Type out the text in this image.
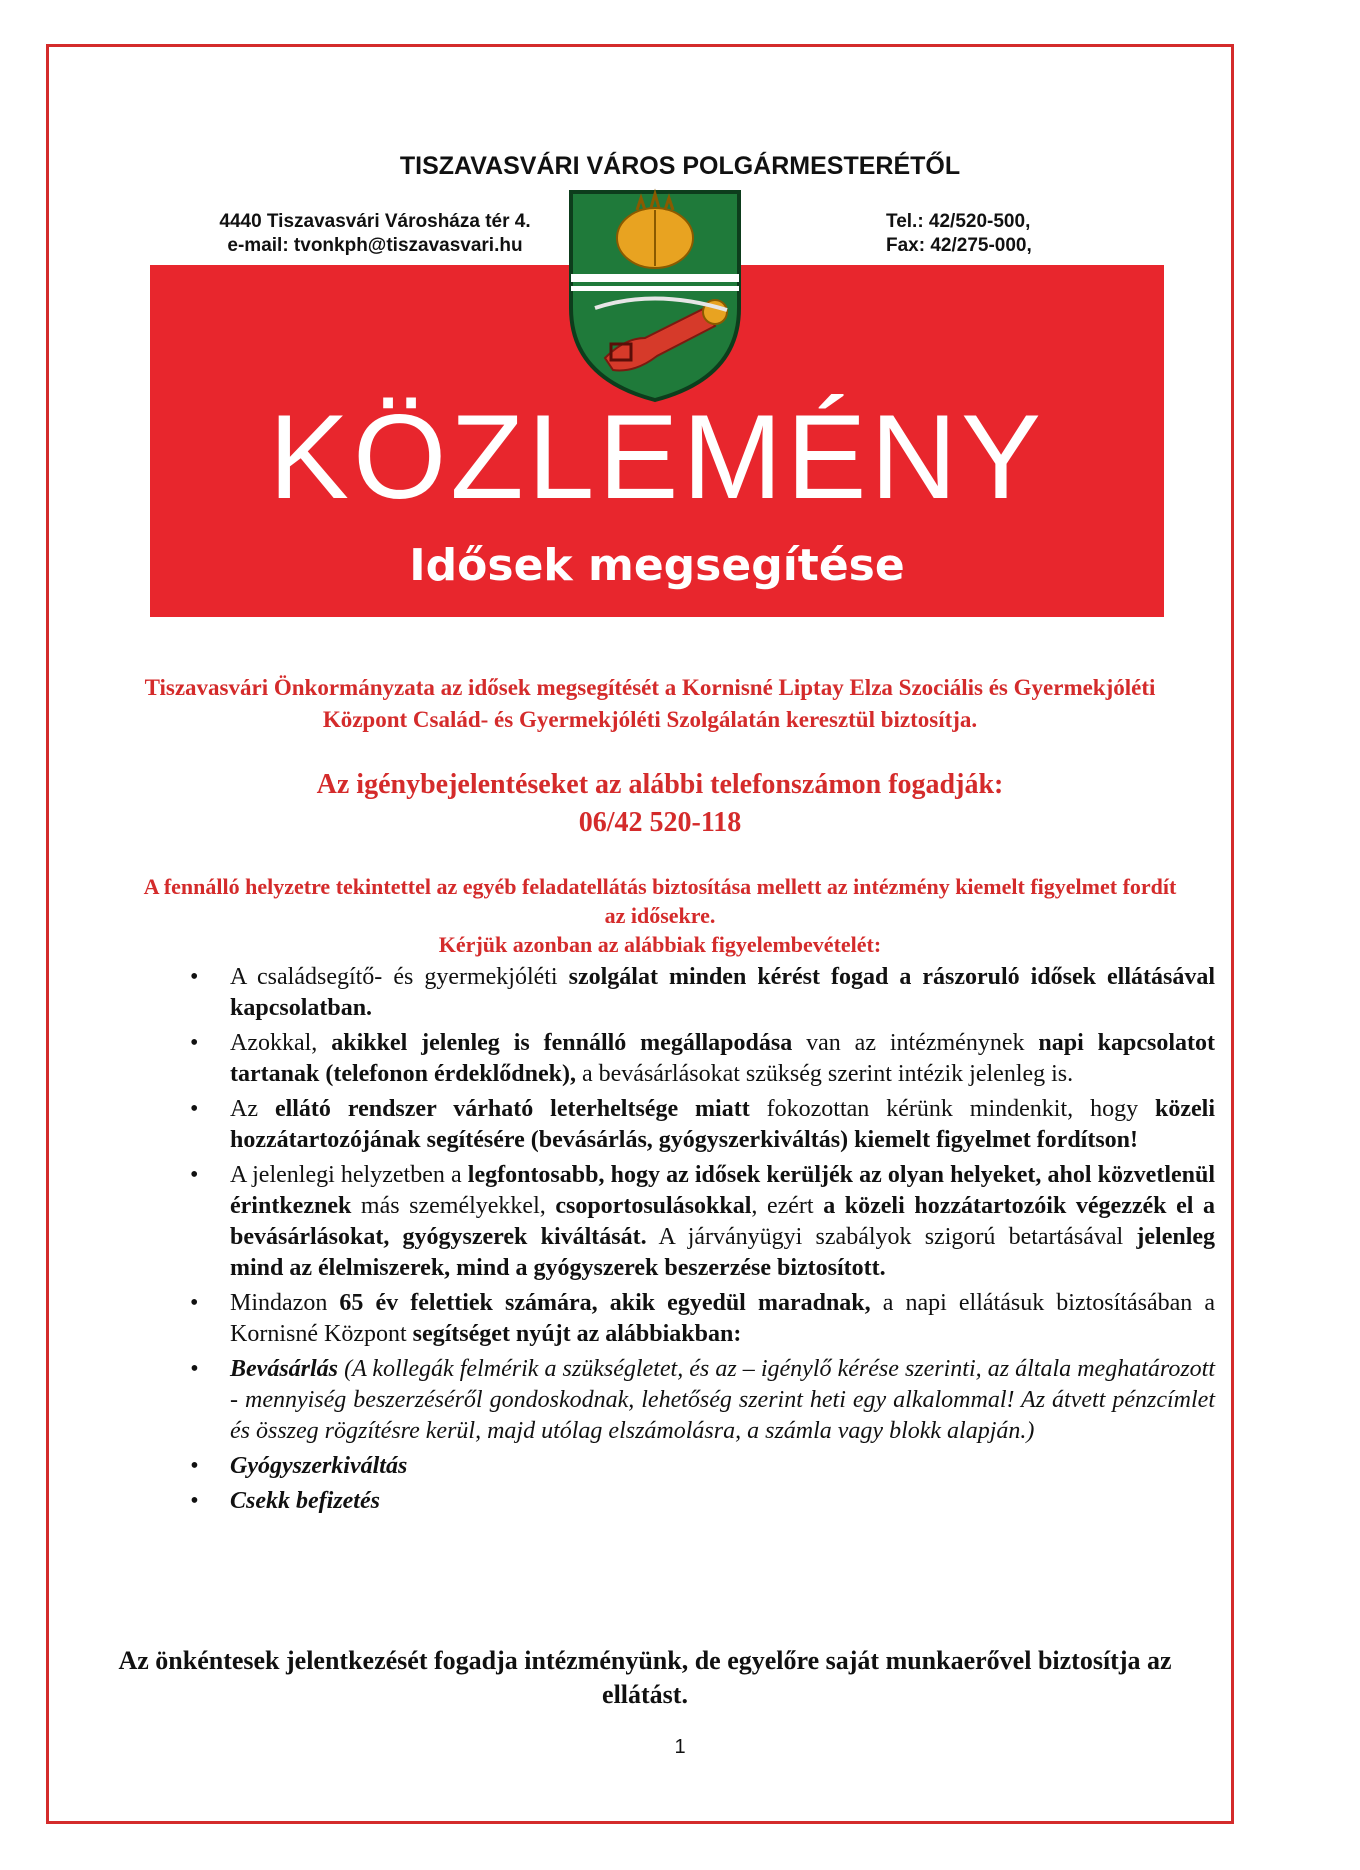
TISZAVASVÁRI VÁROS POLGÁRMESTERÉTŐL
4440 Tiszavasvári Városháza tér 4.
e-mail: tvonkph@tiszavasvari.hu
Tel.: 42/520-500,
Fax: 42/275-000,
KÖZLEMÉNY
Idősek megsegítése
Tiszavasvári Önkormányzata az idősek megsegítését a Kornisné Liptay Elza Szociális és Gyermekjóléti Központ Család- és Gyermekjóléti Szolgálatán keresztül biztosítja.
Az igénybejelentéseket az alábbi telefonszámon fogadják:
06/42 520-118
A fennálló helyzetre tekintettel az egyéb feladatellátás biztosítása mellett az intézmény kiemelt figyelmet fordít az idősekre.
Kérjük azonban az alábbiak figyelembevételét:
• A családsegítő- és gyermekjóléti szolgálat minden kérést fogad a rászoruló idősek ellátásával kapcsolatban.
• Azokkal, akikkel jelenleg is fennálló megállapodása van az intézménynek napi kapcsolatot tartanak (telefonon érdeklődnek), a bevásárlásokat szükség szerint intézik jelenleg is.
• Az ellátó rendszer várható leterheltsége miatt fokozottan kérünk mindenkit, hogy közeli hozzátartozójának segítésére (bevásárlás, gyógyszerkiváltás) kiemelt figyelmet fordítson!
• A jelenlegi helyzetben a legfontosabb, hogy az idősek kerüljék az olyan helyeket, ahol közvetlenül érintkeznek más személyekkel, csoportosulásokkal, ezért a közeli hozzátartozóik végezzék el a bevásárlásokat, gyógyszerek kiváltását. A járványügyi szabályok szigorú betartásával jelenleg mind az élelmiszerek, mind a gyógyszerek beszerzése biztosított.
• Mindazon 65 év felettiek számára, akik egyedül maradnak, a napi ellátásuk biztosításában a Kornisné Központ segítséget nyújt az alábbiakban:
• Bevásárlás (A kollegák felmérik a szükségletet, és az – igénylő kérése szerinti, az általa meghatározott - mennyiség beszerzéséről gondoskodnak, lehetőség szerint heti egy alkalommal! Az átvett pénzcímlet és összeg rögzítésre kerül, majd utólag elszámolásra, a számla vagy blokk alapján.)
• Gyógyszerkiváltás
• Csekk befizetés
Az önkéntesek jelentkezését fogadja intézményünk, de egyelőre saját munkaerővel biztosítja az ellátást.
1
